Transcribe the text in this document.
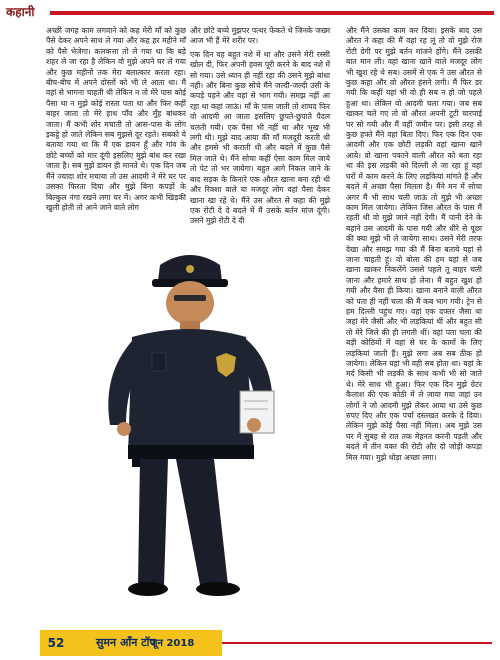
कहानी

अच्छी जगह काम लगवाने को कह मेरी माँ को कुछ पैसे देकर अपने साथ ले गया और कह हर महीने माँ को पैसे भेजेगा। कलकत्ता तो ले गया था कि बड़े शहर ले जा रहा है लेकिन वो मुझे अपने घर ले गया और कुछ महीनों तक मेरा बलात्कार करता रहा। बीच-बीच में अपने दोस्तों को भी ले आता था। मैं वहां से भागना चाहती थी लेकिन न तो मेरे पास कोई पैसा था न मुझे कोई रास्ता पता था और फिर कहीं बाहर जाता तो मेरे हाथ पाँव और मुँह बांधकर जाता। मैं कभी शोर मचाती तो आस-पास के लोग इकट्ठे हो जाते लेकिन सब मुझसे दूर रहते। सबको ये बताया गया था कि मैं एक डायन हूँ और गांव के छोटे बच्चों को मार दूंगी इसलिए मुझे बांध कर रखा जाता है। सब मुझे डायन ही मानते थे। एक दिन जब मैंने ज्यादा शोर मचाया तो उस आदमी ने मेरे घर पर उसका फिरता दिया और मुझे बिना कपड़ों के बिल्कुल नंगा रखने लगा घर में। अगर कभी खिड़की खुली होती तो आने जाने वाले लोग

और छोटे बच्चे मुझपर पत्थर फेंकते थे जिनके जख्म आज भी हैं मेरे शरीर पर।

एक दिन वह बहुत नशे में था और उसने मेरी रस्सी खोल दी, फिर अपनी हवस पूरी करने के बाद नशे में सो गया। उसे ध्यान ही नहीं रहा की उसने मुझे बांधा नहीं। और बिना कुछ सोचे मैंने जल्दी-जल्दी उसी के कपड़े पहने और वहां से भाग गयी। समझ नहीं आ रहा था कहां जाऊं। माँ के पास जाती तो शायद फिर वो आदमी आ जाता इसलिए छुपते-छुपाते पैदल चलती गयी। एक पैसा भी नहीं था और भूख भी लगी थी। मुझे याद आया की माँ मजदूरी करती थी और हमसे भी कराती थी और बदले में कुछ पैसे मिल जाते थे। मैंने सोचा कहीं ऐसा काम मिल जाये तो पेट तो भर जायेगा। बहुत आगे निकल जाने के बाद सड़क के किनारे एक औरत खाना बना रही थी और रिक्शा वाले या मजदूर लोग वहां पैसा देकर खाना खा रहे थे। मैंने उस औरत से कहा की मुझे एक रोटी दे दे बदले में मैं उसके बर्तन मांज दूंगी। उसने मुझे रोटी दे दी

और मैंने उसका काम कर दिया। इसके बाद उस औरत ने कहा की मैं वहां रह लूं तो वो मुझे रोज रोटी देगी पर मुझे बर्तन मांजने होंगे। मैंने उसकी बात मान ली। वहां खाना खाने वाले मजदूर लोग भी खुश रहे थे सब। उसमें से एक ने उस औरत से कुछ कहा और वो औरत हंसने लगी। मैं फिर डर गयी कि कहीं यहां भी वो ही सब न हो जो पहले हुआ था। लेकिन वो आदमी चला गया। जब सब खाकर चले गए तो वो औरत अपनी टूटी चारपाई पर सो गयी और मैं वहीं जमीन पर। इसी तरह से कुछ हफ्ते मैंने वहां बिता दिए। फिर एक दिन एक आदमी और एक छोटी लड़की वहां खाना खाने आये। वो खाना पकाने वाली औरत को बता रहा था की इस लड़की को दिल्ली ले जा रहा हूं वहां घरों में काम करने के लिए लड़कियां मांगते हैं और बदले में अच्छा पैसा मिलता है। मैंने मन में सोचा अगर मैं भी साथ चली जाऊं तो मुझे भी अच्छा काम मिल जायेगा। लेकिन जिस औरत के पास मैं रहती थी वो मुझे जाने नहीं देगी। मैं पानी देने के बहाने उस आदमी के पास गयी और धीरे से पूछा की क्या मुझे भी ले जायेगा साथ। उसने मेरी तरफ देखा और समझ गया की मैं बिना बताये यहां से जाना चाहती हूं। वो बोला की हम यहां से जब खाना खाकर निकलेंगे उससे पहले तू बाहर चली जाना और हमारे साथ हो लेना। मैं बहुत खुश हो गयी और वैसा ही किया। खाना बनाने वाली औरत को पता ही नहीं चला की मैं कब भाग गयी। ट्रेन से हम दिल्ली पहुंच गए। वहां एक दफ्तर जैसा था जहां मेरे जैसी और भी लड़कियां थीं और बहुत सी तो मेरे जिले की ही लगती थीं। वहां पता चला की बड़ी कोठियों में वहां से घर के कामों के लिए लड़कियां जाती हैं। मुझे लगा अब सब ठीक हो जायेगा। लेकिन यहां भी वही सब होता था। यहां के मर्द किसी भी लड़की के साथ कभी भी सो जाते थे। मेरे साथ भी हुआ। फिर एक दिन मुझे ग्रेटर कैलाश की एक कोठी में ले जाया गया जहां उन लोगों ने जो आदमी मुझे लेकर आया था उसे कुछ रुपए दिए और एक पर्चा दस्तखत करके दे दिया। लेकिन मुझे कोई पैसा नहीं मिला। अब मुझे उस घर में सुबह से रात तक मेहनत करनी पड़ती और बदले में तीन वक्त की रोटी और दो जोड़ी कपड़ा मिल गया। मुझे थोड़ा अच्छा लगा।

52	सुमन आँन टॉप
जून 2018
